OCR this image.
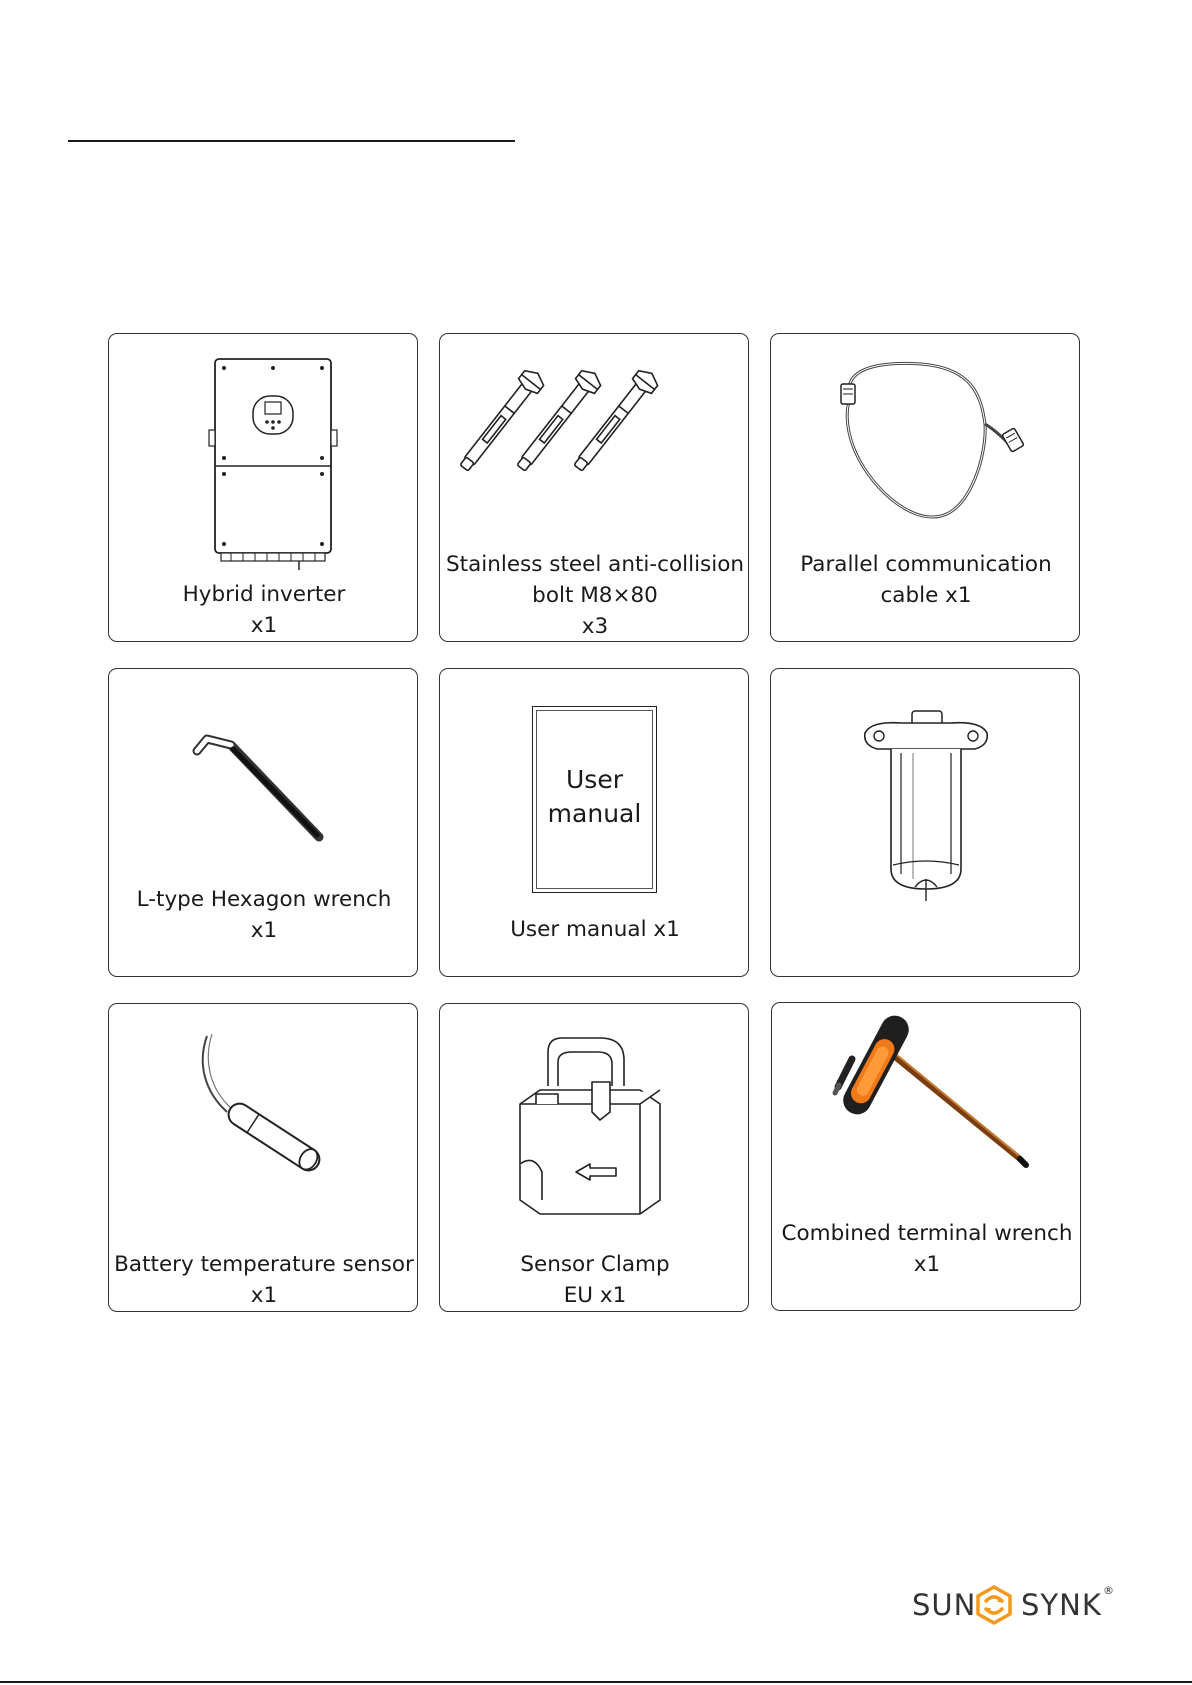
Hybrid inverter
x1
Stainless steel anti-collision
bolt M8×80
x3
Parallel communication
cable x1
L-type Hexagon wrench
x1
User
manual
User manual x1
Battery temperature sensor
x1
Sensor Clamp
EU x1
Combined terminal wrench
x1
SUN SYNK ®
